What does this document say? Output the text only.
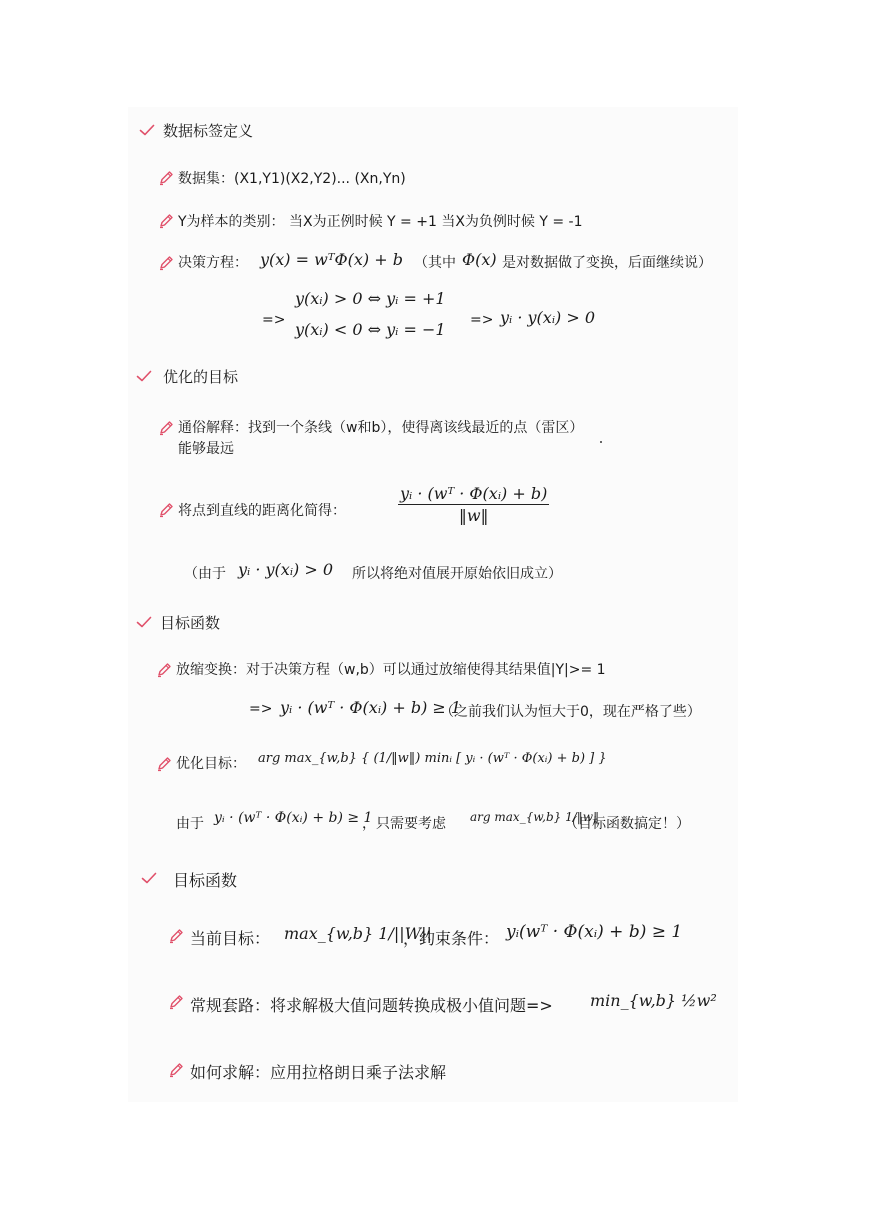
数据标签定义
数据集：(X1,Y1)(X2,Y2)... (Xn,Yn)
Y为样本的类别： 当X为正例时候 Y = +1 当X为负例时候 Y = -1
决策方程： y(x) = wᵀΦ(x) + b （其中 Φ(x) 是对数据做了变换，后面继续说）
=>
y(xᵢ) > 0 ⇔ yᵢ = +1
y(xᵢ) < 0 ⇔ yᵢ = −1 => yᵢ · y(xᵢ) > 0
优化的目标
通俗解释：找到一个条线（w和b），使得离该线最近的点（雷区）
能够最远
将点到直线的距离化简得：	$\frac{\text{yᵢ · (wᵀ · Φ(xᵢ) + b)}}{‖w‖}$
（由于 yᵢ · y(xᵢ) > 0 所以将绝对值展开原始依旧成立）
目标函数
放缩变换：对于决策方程（w,b）可以通过放缩使得其结果值|Y|>= 1
=> yᵢ · (wᵀ · Φ(xᵢ) + b) ≥ 1
（之前我们认为恒大于0，现在严格了些）
优化目标： arg max_{w,b} { (1/‖w‖) minᵢ [ yᵢ · (wᵀ · Φ(xᵢ) + b) ] }
由于 yᵢ · (wᵀ · Φ(xᵢ) + b) ≥ 1
，只需要考虑 arg max_{w,b} 1/‖w‖
（目标函数搞定！）
目标函数
当前目标： max_{w,b} 1/||W||
，约束条件： yᵢ(wᵀ · Φ(xᵢ) + b) ≥ 1
常规套路：将求解极大值问题转换成极小值问题=> min_{w,b} ½w²
如何求解：应用拉格朗日乘子法求解
